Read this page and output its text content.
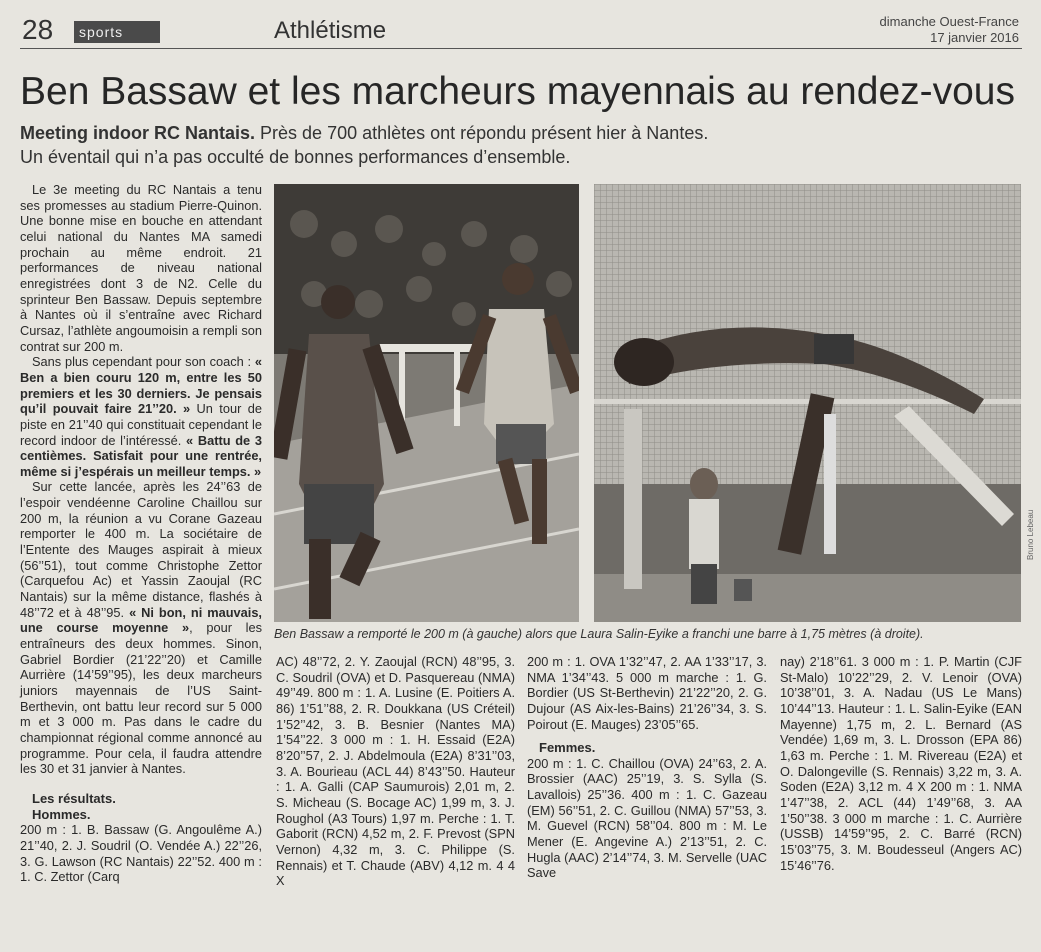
28	sports	Athlétisme	dimanche Ouest-France
17 janvier 2016
Ben Bassaw et les marcheurs mayennais au rendez-vous
Meeting indoor RC Nantais. Près de 700 athlètes ont répondu présent hier à Nantes.
Un éventail qui n’a pas occulté de bonnes performances d’ensemble.

Le 3e meeting du RC Nantais a tenu ses promesses au stadium Pierre-Quinon. Une bonne mise en bouche en attendant celui national du Nantes MA samedi prochain au même endroit. 21 performances de niveau national enregistrées dont 3 de N2. Celle du sprinteur Ben Bassaw. Depuis septembre à Nantes où il s’entraîne avec Richard Cursaz, l’athlète angoumoisin a rempli son contrat sur 200 m.

Sans plus cependant pour son coach : « Ben a bien couru 120 m, entre les 50 premiers et les 30 derniers. Je pensais qu’il pouvait faire 21’’20. » Un tour de piste en 21’’40 qui constituait cependant le record indoor de l’intéressé. « Battu de 3 centièmes. Satisfait pour une rentrée, même si j’espérais un meilleur temps. »

Sur cette lancée, après les 24’’63 de l’espoir vendéenne Caroline Chaillou sur 200 m, la réunion a vu Corane Gazeau remporter le 400 m. La sociétaire de l’Entente des Mauges aspirait à mieux (56’’51), tout comme Christophe Zettor (Carquefou Ac) et Yassin Zaoujal (RC Nantais) sur la même distance, flashés à 48’’72 et à 48’’95. « Ni bon, ni mauvais, une course moyenne », pour les entraîneurs des deux hommes. Sinon, Gabriel Bordier (21’22’’20) et Camille Aurrière (14’59’’95), les deux marcheurs juniors mayennais de l’US Saint-Berthevin, ont battu leur record sur 5 000 m et 3 000 m. Pas dans le cadre du championnat régional comme annoncé au programme. Pour cela, il faudra attendre les 30 et 31 janvier à Nantes.

Les résultats.

Hommes.

200 m : 1. B. Bassaw (G. Angoulême A.) 21’’40, 2. J. Soudril (O. Vendée A.) 22’’26, 3. G. Lawson (RC Nantais) 22’’52. 400 m : 1. C. Zettor (Carq

Bruno Lebeau
Ben Bassaw a remporté le 200 m (à gauche) alors que Laura Salin-Eyike a franchi une barre à 1,75 mètres (à droite).

AC) 48’’72, 2. Y. Zaoujal (RCN) 48’’95, 3. C. Soudril (OVA) et D. Pasquereau (NMA) 49’’49. 800 m : 1. A. Lusine (E. Poitiers A. 86) 1’51’’88, 2. R. Doukkana (US Créteil) 1’52’’42, 3. B. Besnier (Nantes MA) 1’54’’22. 3 000 m : 1. H. Essaid (E2A) 8’20’’57, 2. J. Abdelmoula (E2A) 8’31’’03, 3. A. Bourieau (ACL 44) 8’43’’50. Hauteur : 1. A. Galli (CAP Saumurois) 2,01 m, 2. S. Micheau (S. Bocage AC) 1,99 m, 3. J. Roughol (A3 Tours) 1,97 m. Perche : 1. T. Gaborit (RCN) 4,52 m, 2. F. Prevost (SPN Vernon) 4,32 m, 3. C. Philippe (S. Rennais) et T. Chaude (ABV) 4,12 m. 4 4 X

200 m : 1. OVA 1’32’’47, 2. AA 1’33’’17, 3. NMA 1’34’’43. 5 000 m marche : 1. G. Bordier (US St-Berthevin) 21’22’’20, 2. G. Dujour (AS Aix-les-Bains) 21’26’’34, 3. S. Poirout (E. Mauges) 23’05’’65.

Femmes.

200 m : 1. C. Chaillou (OVA) 24’’63, 2. A. Brossier (AAC) 25’’19, 3. S. Sylla (S. Lavallois) 25’’36. 400 m : 1. C. Gazeau (EM) 56’’51, 2. C. Guillou (NMA) 57’’53, 3. M. Guevel (RCN) 58’’04. 800 m : M. Le Mener (E. Angevine A.) 2’13’’51, 2. C. Hugla (AAC) 2’14’’74, 3. M. Servelle (UAC Save

nay) 2’18’’61. 3 000 m : 1. P. Martin (CJF St-Malo) 10’22’’29, 2. V. Lenoir (OVA) 10’38’’01, 3. A. Nadau (US Le Mans) 10’44’’13. Hauteur : 1. L. Salin-Eyike (EAN Mayenne) 1,75 m, 2. L. Bernard (AS Vendée) 1,69 m, 3. L. Drosson (EPA 86) 1,63 m. Perche : 1. M. Rivereau (E2A) et O. Dalongeville (S. Rennais) 3,22 m, 3. A. Soden (E2A) 3,12 m. 4 X 200 m : 1. NMA 1’47’’38, 2. ACL (44) 1’49’’68, 3. AA 1’50’’38. 3 000 m marche : 1. C. Aurrière (USSB) 14’59’’95, 2. C. Barré (RCN) 15’03’’75, 3. M. Boudesseul (Angers AC) 15’46’’76.
